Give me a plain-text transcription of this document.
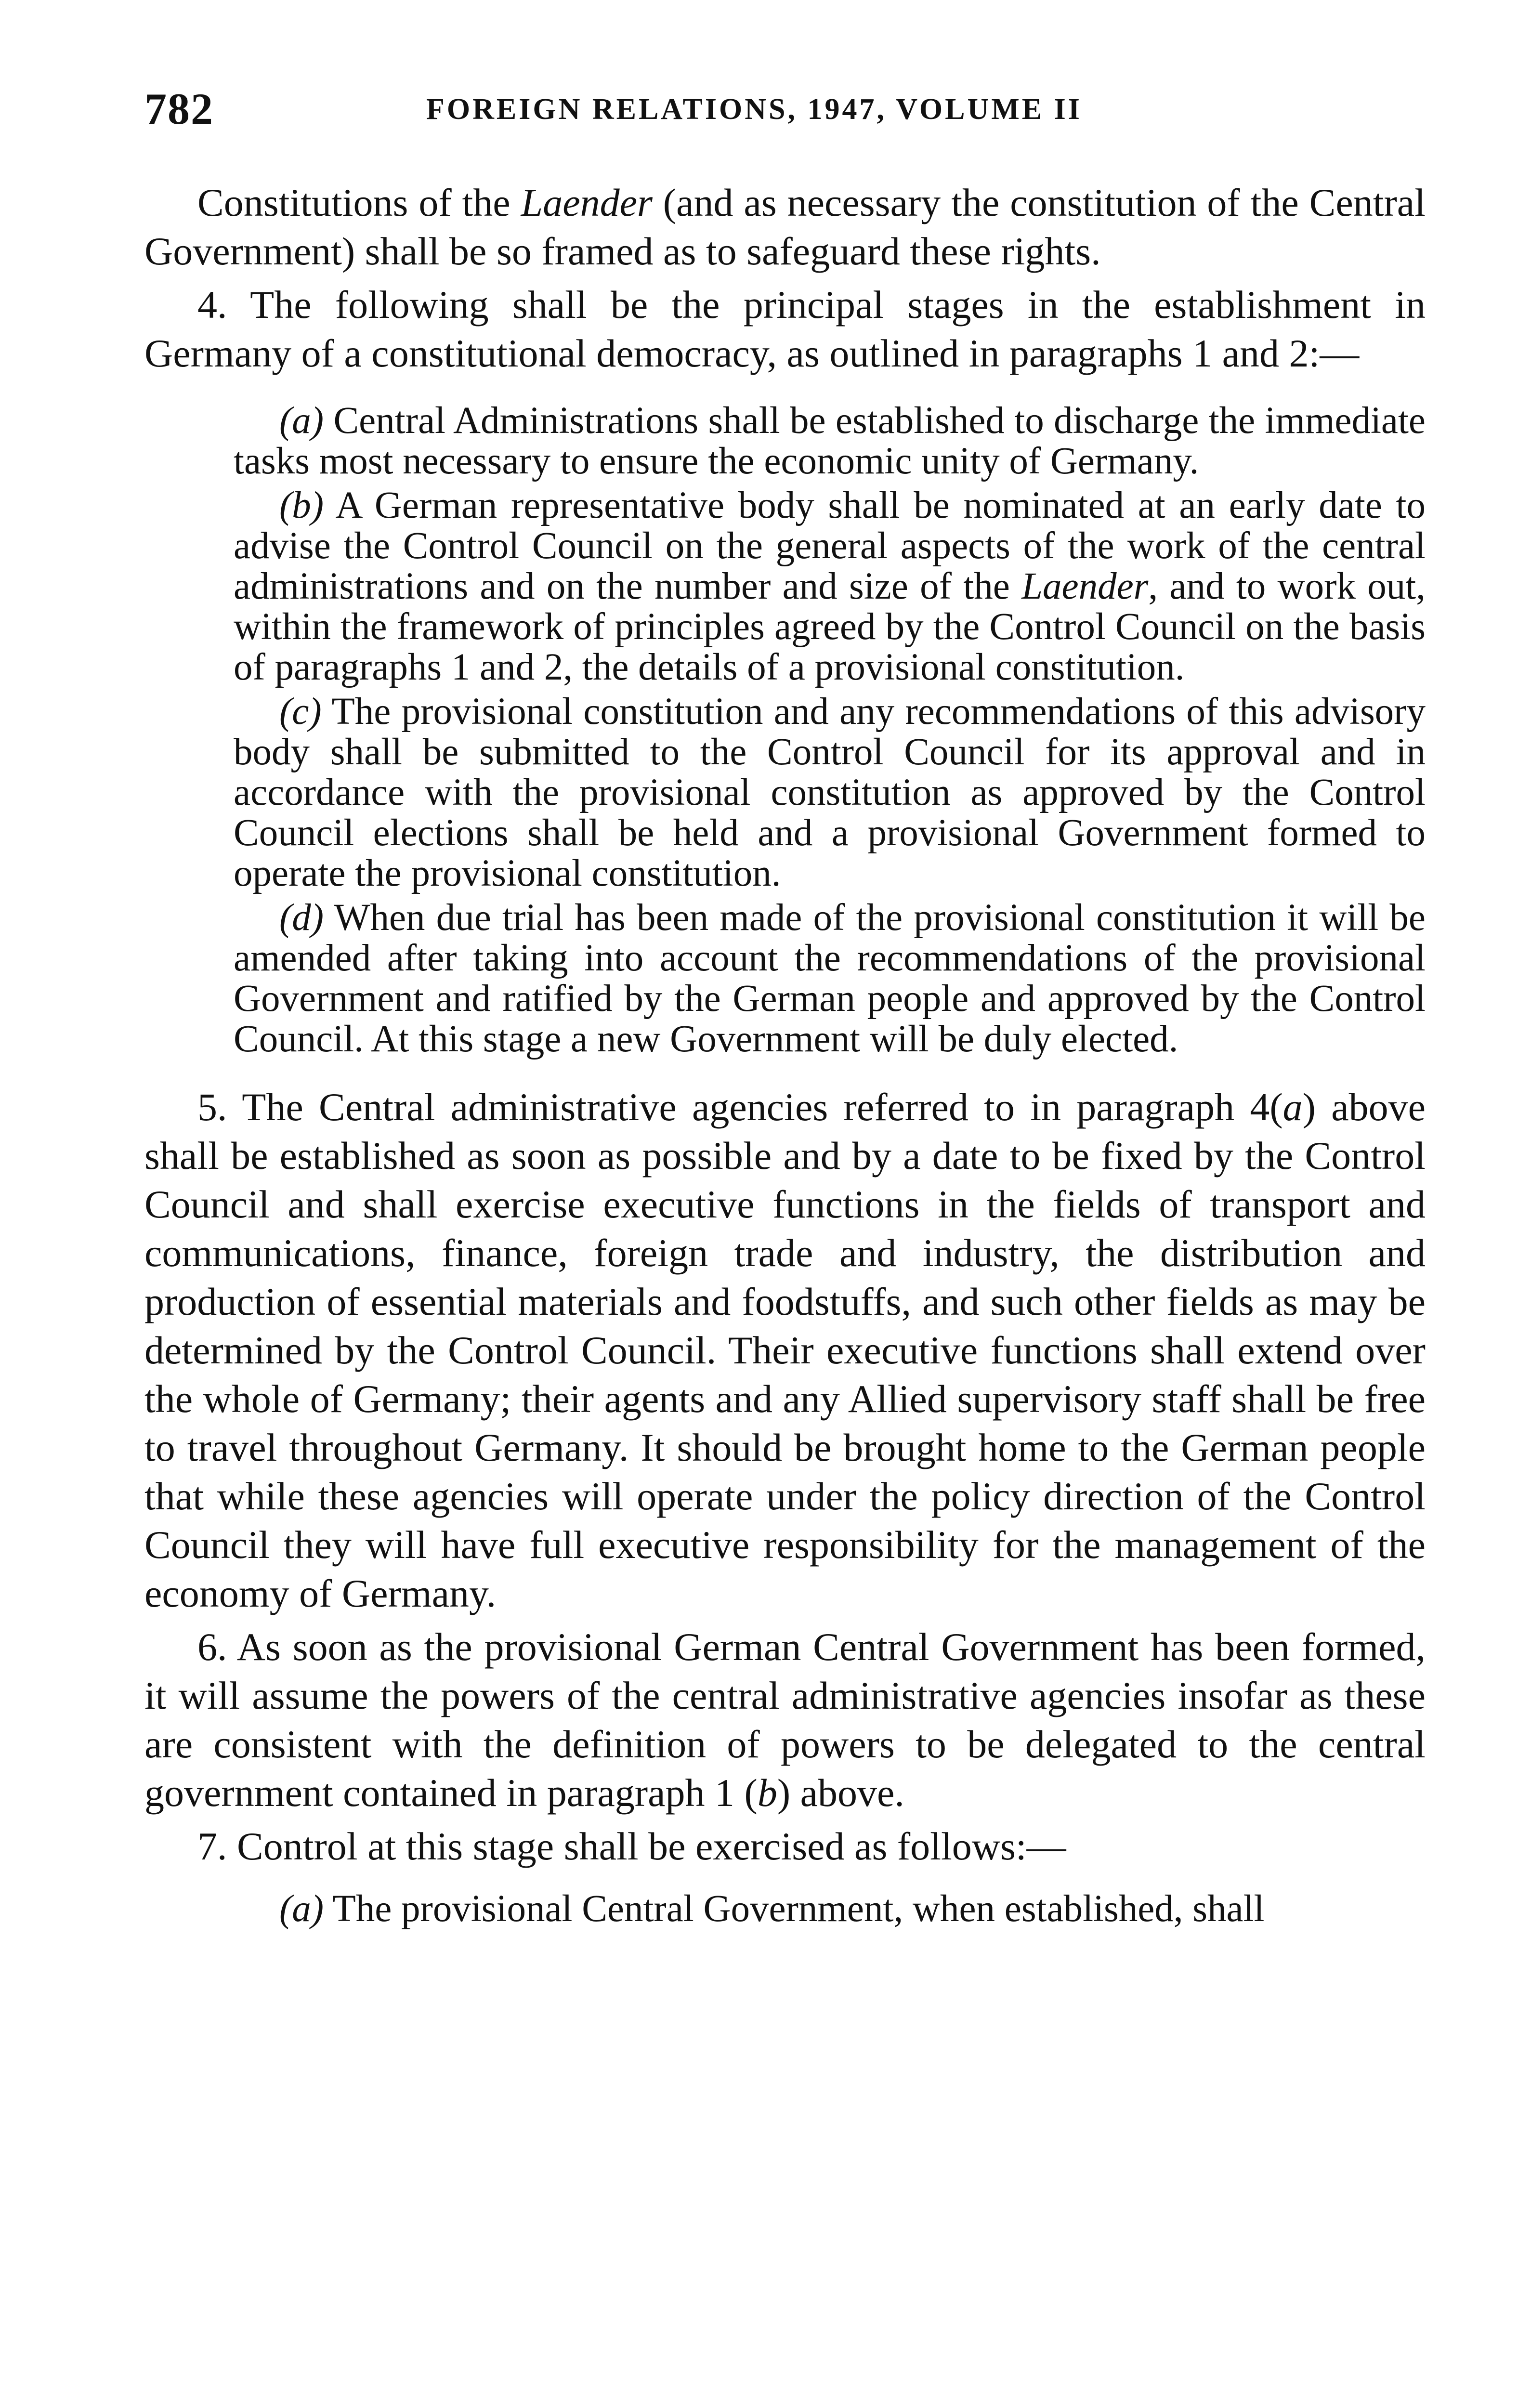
782	FOREIGN RELATIONS, 1947, VOLUME II

Constitutions of the Laender (and as necessary the constitution of the Central Government) shall be so framed as to safeguard these rights.

4. The following shall be the principal stages in the establishment in Germany of a constitutional democracy, as outlined in paragraphs 1 and 2:—

(a) Central Administrations shall be established to discharge the immediate tasks most necessary to ensure the economic unity of Germany.

(b) A German representative body shall be nominated at an early date to advise the Control Council on the general aspects of the work of the central administrations and on the number and size of the Laender, and to work out, within the framework of principles agreed by the Control Council on the basis of paragraphs 1 and 2, the details of a provisional constitution.

(c) The provisional constitution and any recommendations of this advisory body shall be submitted to the Control Council for its approval and in accordance with the provisional constitution as approved by the Control Council elections shall be held and a provisional Government formed to operate the provisional constitution.

(d) When due trial has been made of the provisional constitution it will be amended after taking into account the recommendations of the provisional Government and ratified by the German people and approved by the Control Council. At this stage a new Government will be duly elected.

5. The Central administrative agencies referred to in paragraph 4(a) above shall be established as soon as possible and by a date to be fixed by the Control Council and shall exercise executive functions in the fields of transport and communications, finance, foreign trade and industry, the distribution and production of essential materials and foodstuffs, and such other fields as may be determined by the Control Council. Their executive functions shall extend over the whole of Germany; their agents and any Allied supervisory staff shall be free to travel throughout Germany. It should be brought home to the German people that while these agencies will operate under the policy direction of the Control Council they will have full executive responsibility for the management of the economy of Germany.

6. As soon as the provisional German Central Government has been formed, it will assume the powers of the central administrative agencies insofar as these are consistent with the definition of powers to be delegated to the central government contained in paragraph 1 (b) above.

7. Control at this stage shall be exercised as follows:—

(a) The provisional Central Government, when established, shall
